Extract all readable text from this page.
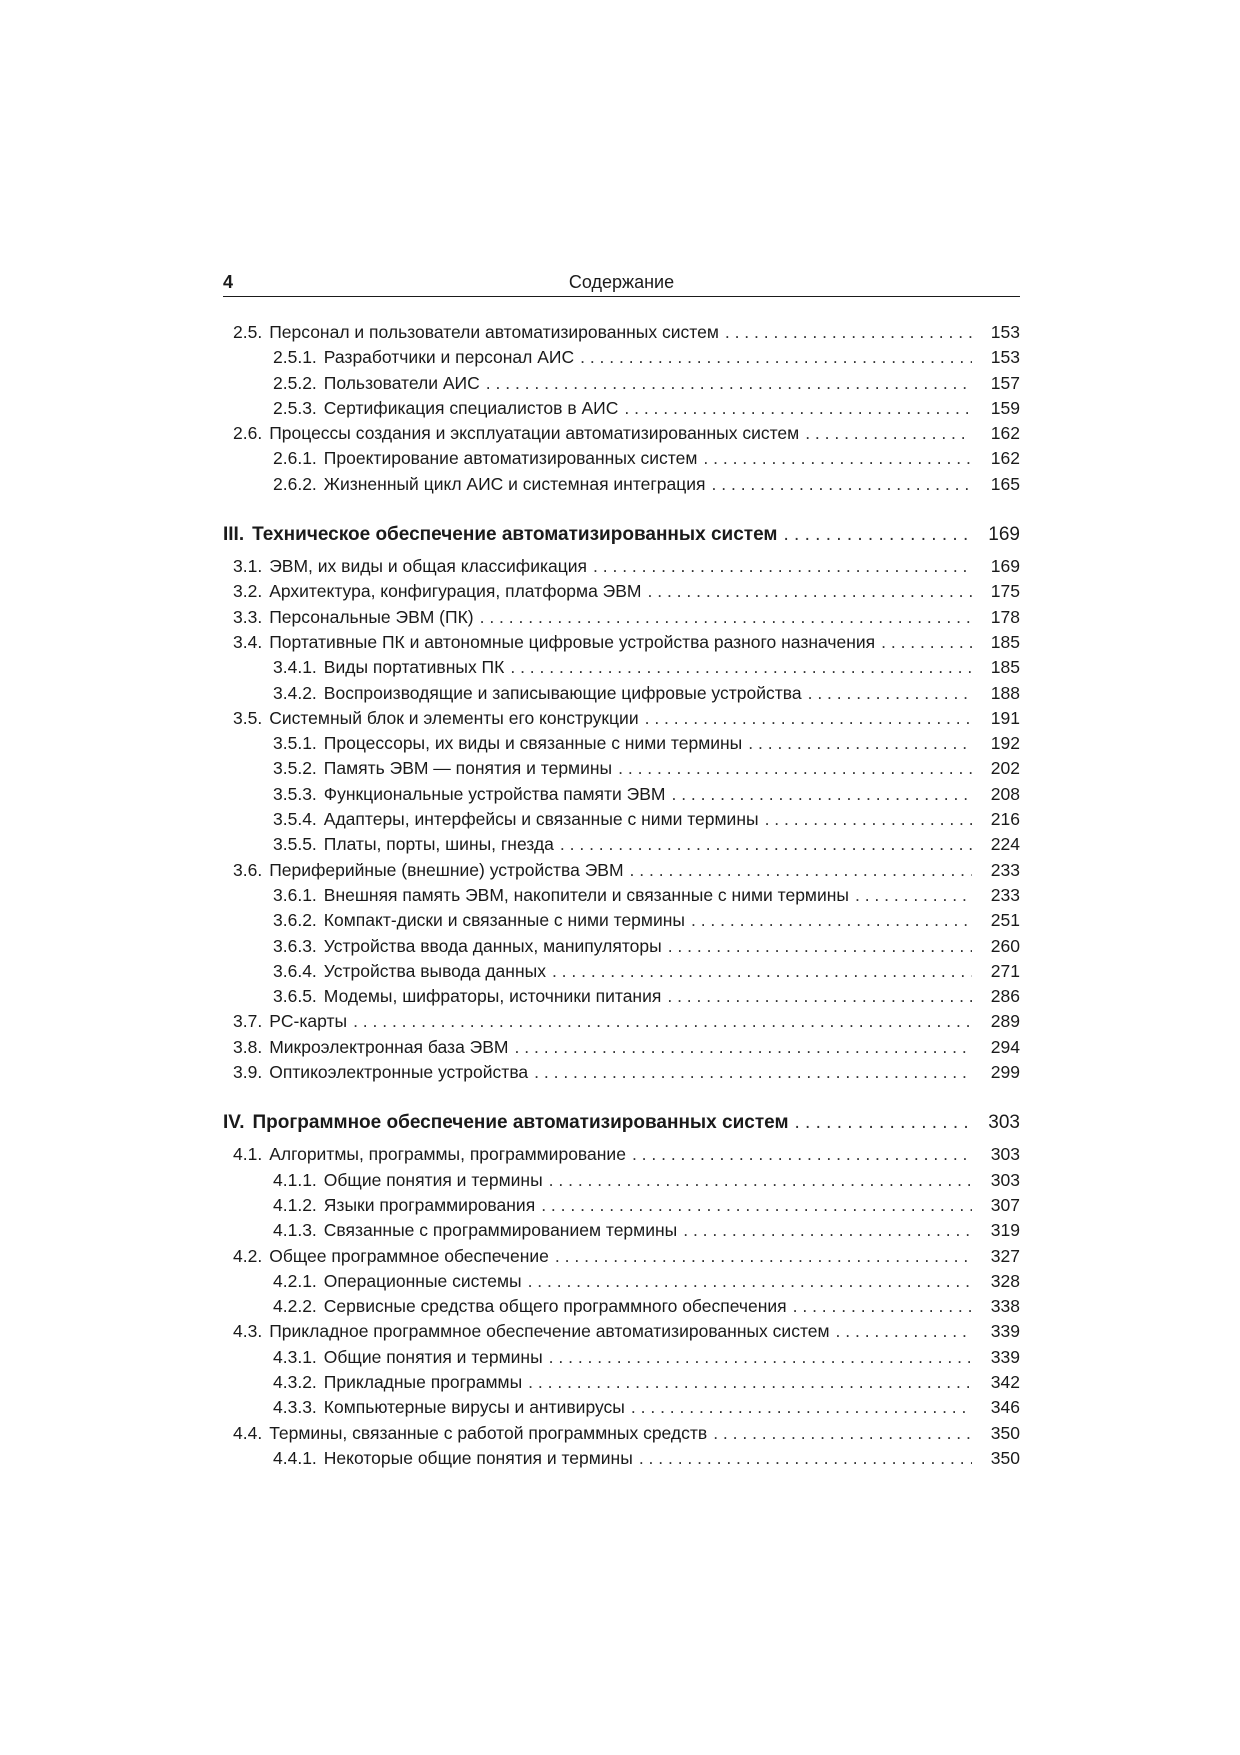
4	Содержание
2.5. Персонал и пользователи автоматизированных систем . . .	153
2.5.1. Разработчики и персонал АИС . . .	153
2.5.2. Пользователи АИС . . .	157
2.5.3. Сертификация специалистов в АИС . . .	159
2.6. Процессы создания и эксплуатации автоматизированных систем . . .	162
2.6.1. Проектирование автоматизированных систем . . .	162
2.6.2. Жизненный цикл АИС и системная интеграция . . .	165
III. Техническое обеспечение автоматизированных систем . . .	169
3.1. ЭВМ, их виды и общая классификация . . .	169
3.2. Архитектура, конфигурация, платформа ЭВМ . . .	175
3.3. Персональные ЭВМ (ПК) . . .	178
3.4. Портативные ПК и автономные цифровые устройства разного назначения . . .	185
3.4.1. Виды портативных ПК . . .	185
3.4.2. Воспроизводящие и записывающие цифровые устройства . . .	188
3.5. Системный блок и элементы его конструкции . . .	191
3.5.1. Процессоры, их виды и связанные с ними термины . . .	192
3.5.2. Память ЭВМ — понятия и термины . . .	202
3.5.3. Функциональные устройства памяти ЭВМ . . .	208
3.5.4. Адаптеры, интерфейсы и связанные с ними термины . . .	216
3.5.5. Платы, порты, шины, гнезда . . .	224
3.6. Периферийные (внешние) устройства ЭВМ . . .	233
3.6.1. Внешняя память ЭВМ, накопители и связанные с ними термины . . .	233
3.6.2. Компакт-диски и связанные с ними термины . . .	251
3.6.3. Устройства ввода данных, манипуляторы . . .	260
3.6.4. Устройства вывода данных . . .	271
3.6.5. Модемы, шифраторы, источники питания . . .	286
3.7. PC-карты . . .	289
3.8. Микроэлектронная база ЭВМ . . .	294
3.9. Оптикоэлектронные устройства . . .	299
IV. Программное обеспечение автоматизированных систем . . .	303
4.1. Алгоритмы, программы, программирование . . .	303
4.1.1. Общие понятия и термины . . .	303
4.1.2. Языки программирования . . .	307
4.1.3. Связанные с программированием термины . . .	319
4.2. Общее программное обеспечение . . .	327
4.2.1. Операционные системы . . .	328
4.2.2. Сервисные средства общего программного обеспечения . . .	338
4.3. Прикладное программное обеспечение автоматизированных систем . . .	339
4.3.1. Общие понятия и термины . . .	339
4.3.2. Прикладные программы . . .	342
4.3.3. Компьютерные вирусы и антивирусы . . .	346
4.4. Термины, связанные с работой программных средств . . .	350
4.4.1. Некоторые общие понятия и термины . . .	350
